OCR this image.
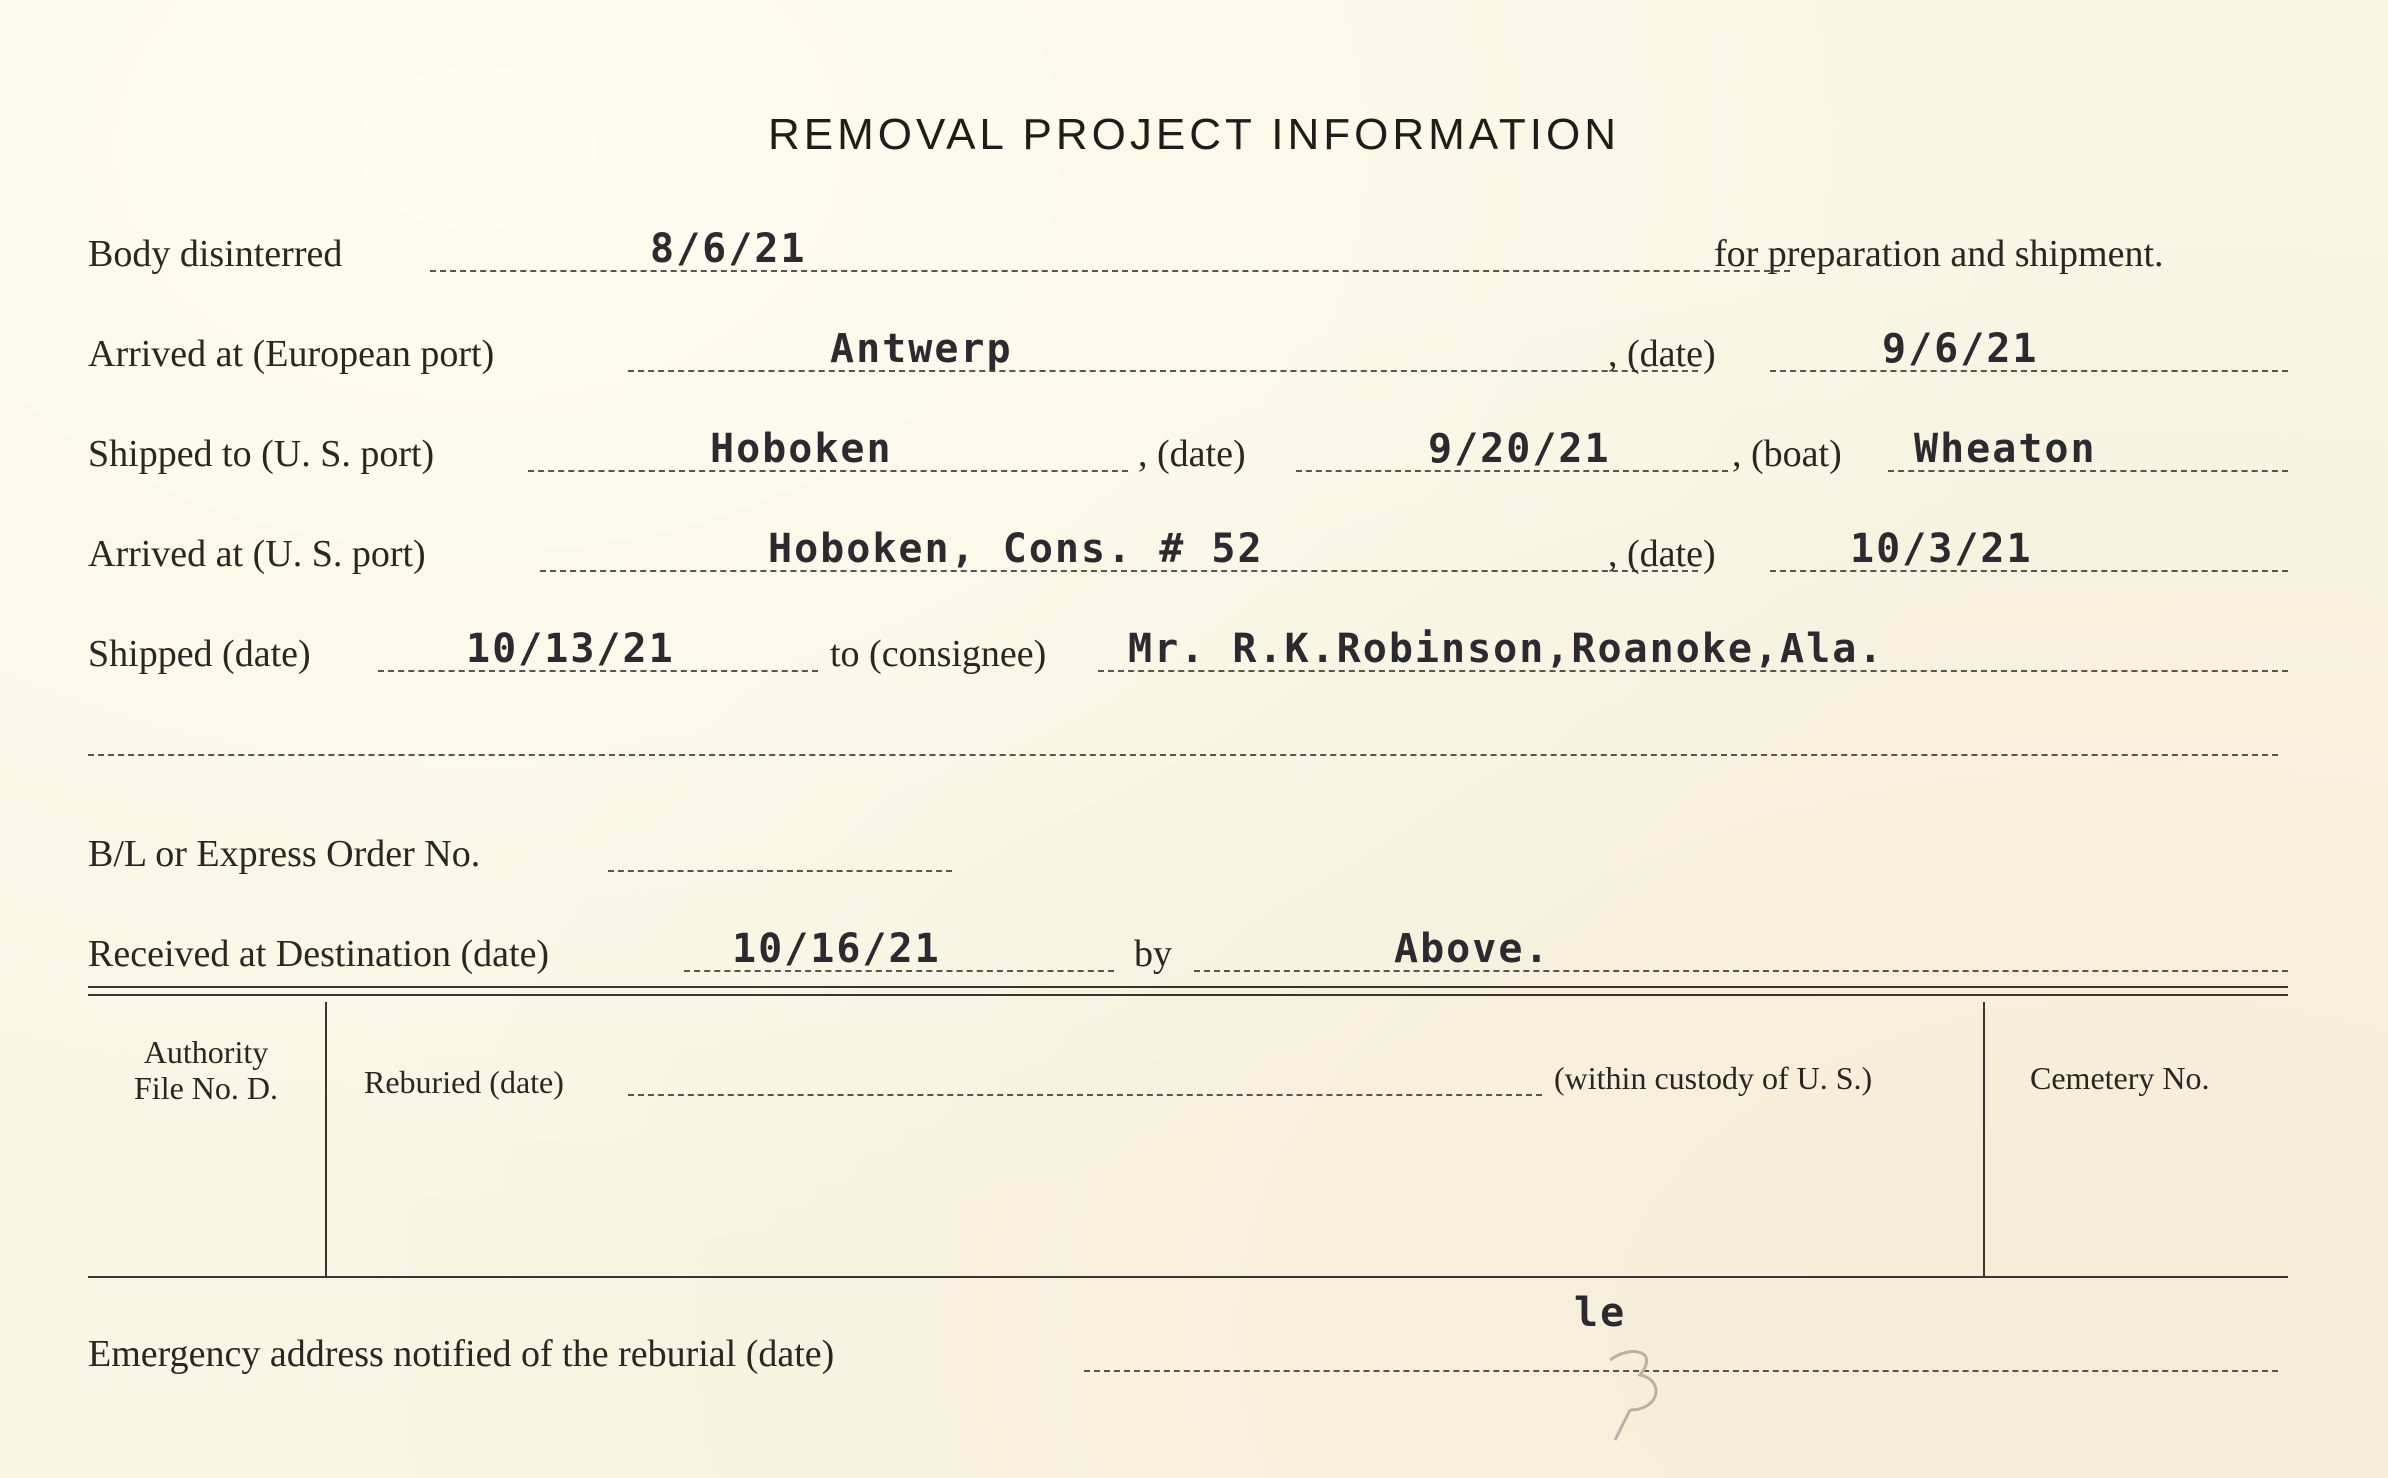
REMOVAL PROJECT INFORMATION
Body disinterred	8/6/21	for preparation and shipment.
Arrived at (European port)	Antwerp	, (date)	9/6/21
Shipped to (U. S. port)	Hoboken	, (date)	9/20/21	, (boat) Wheaton
Arrived at (U. S. port)	Hoboken, Cons. # 52	, (date)	10/3/21
Shipped (date)	10/13/21	to (consignee) Mr. R.K.Robinson,Roanoke,Ala.
B/L or Express Order No.
Received at Destination (date)	10/16/21	by	Above.
Authority
File No. D.	Reburied (date)	(within custody of U. S.)	Cemetery No.
le
Emergency address notified of the reburial (date)
